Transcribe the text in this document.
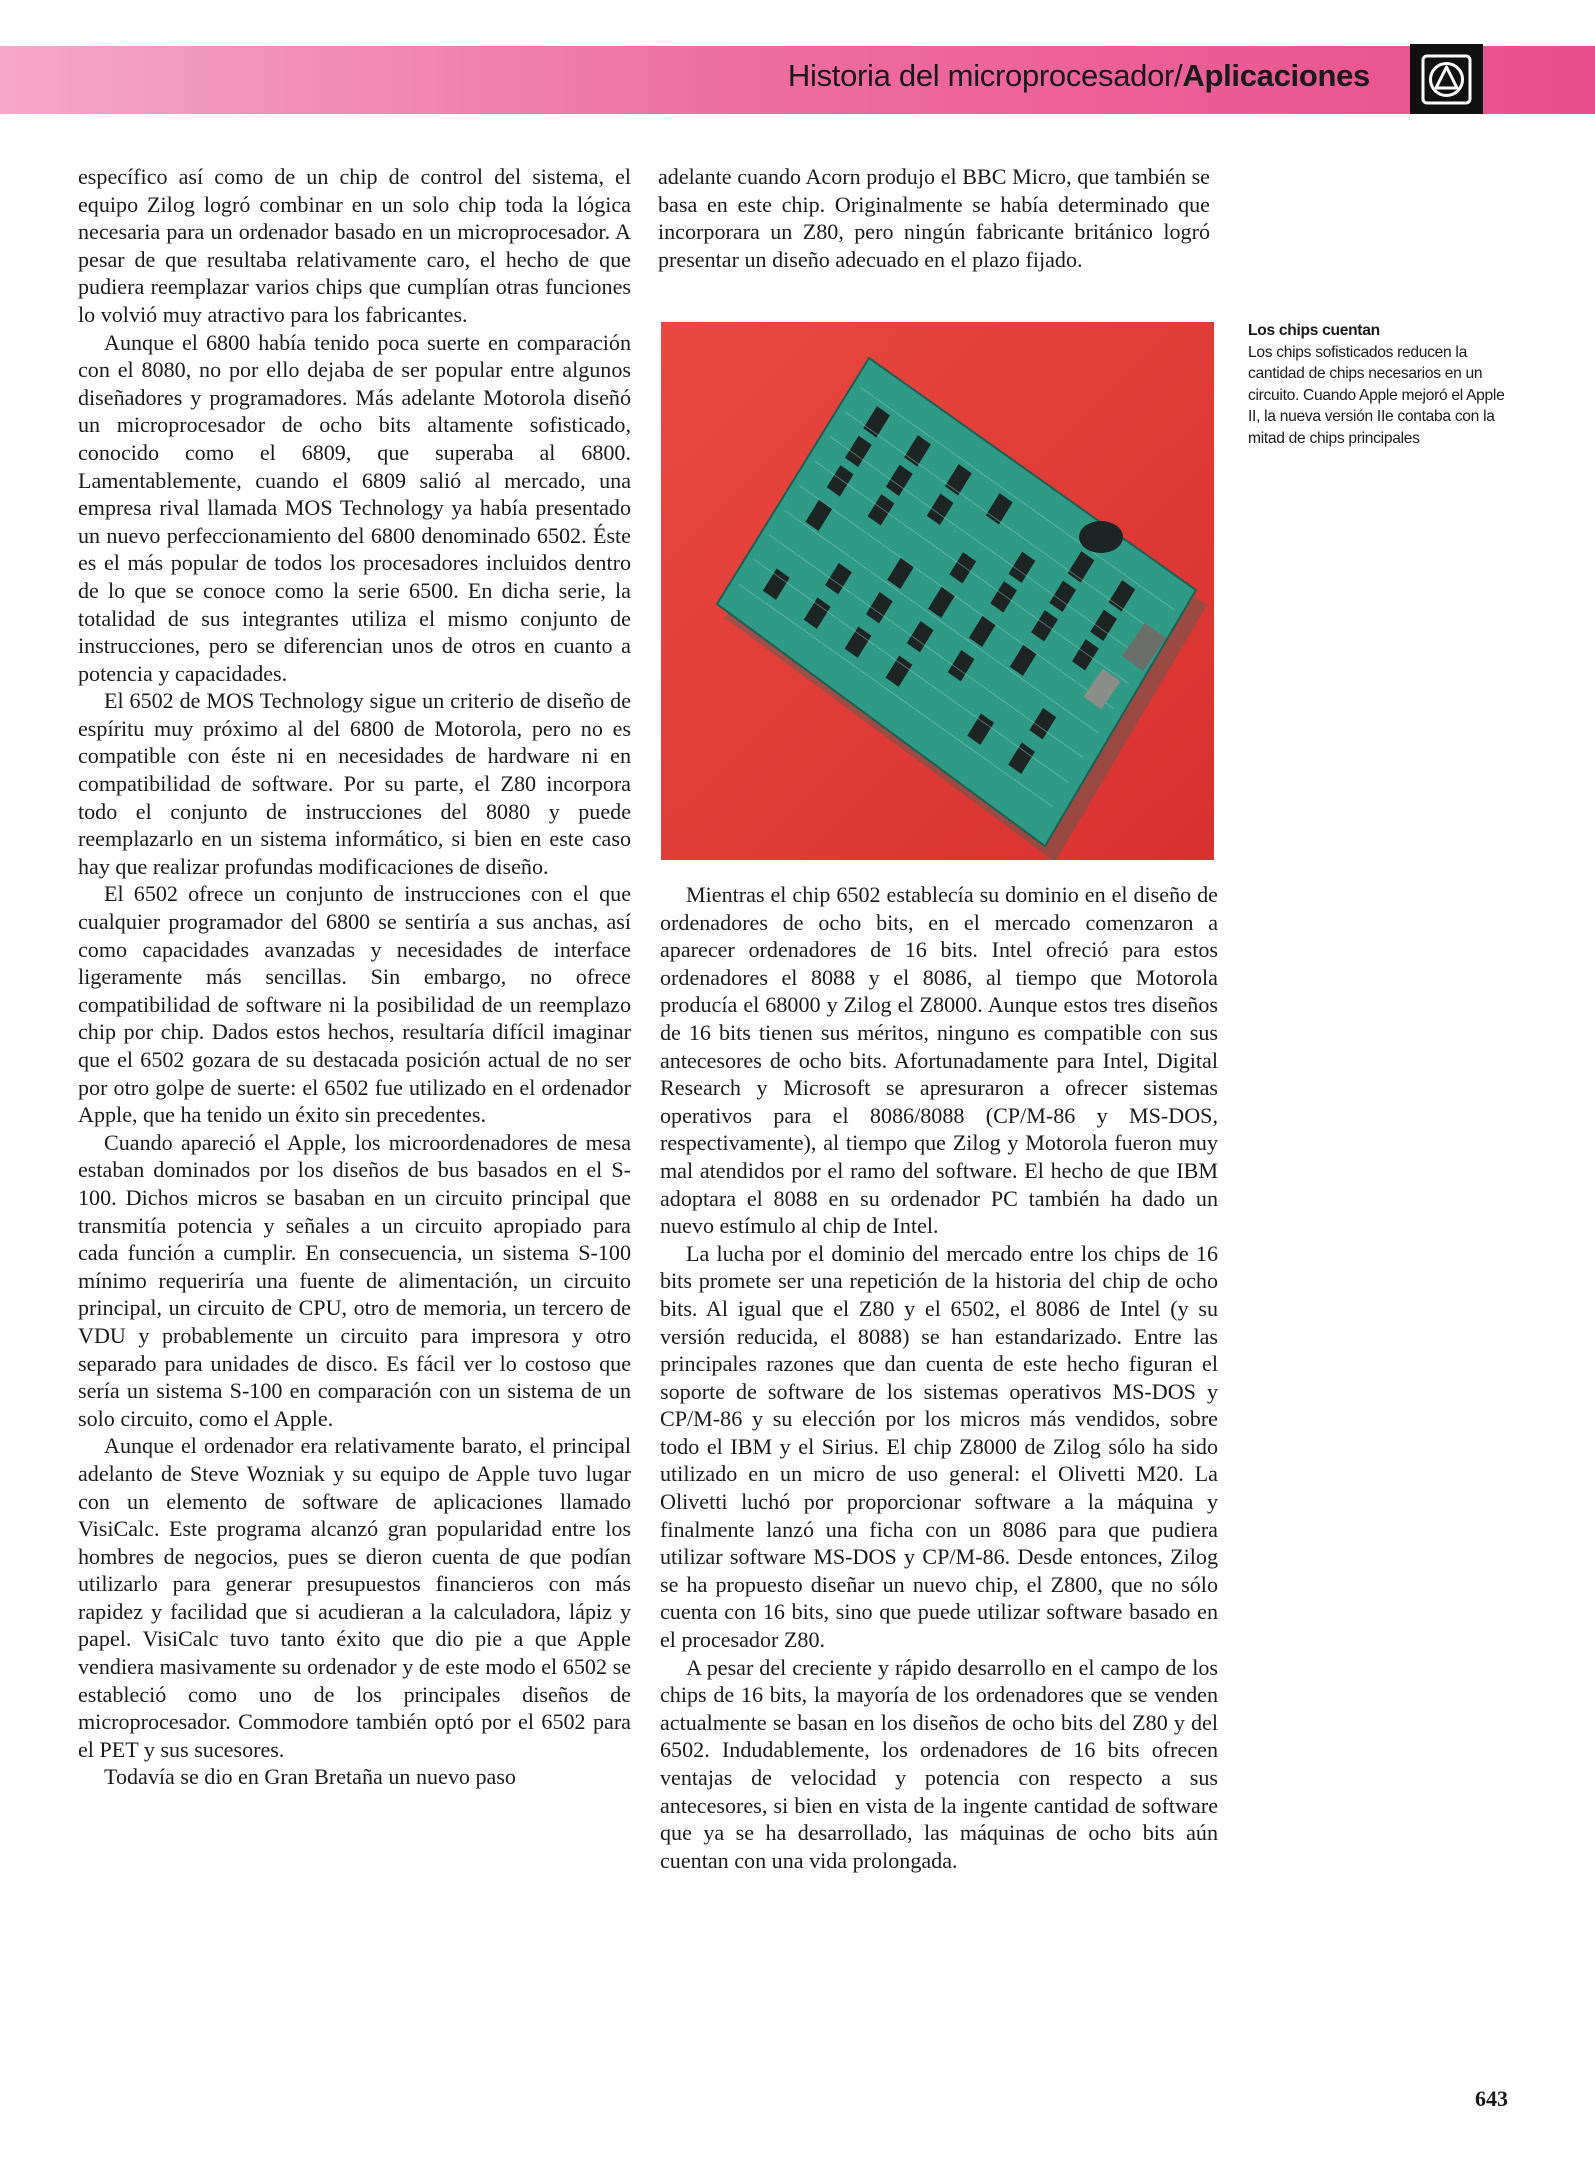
Historia del microprocesador/Aplicaciones

específico así como de un chip de control del sistema, el equipo Zilog logró combinar en un solo chip toda la lógica necesaria para un ordenador basado en un microprocesador. A pesar de que resultaba relativamente caro, el hecho de que pudiera reemplazar varios chips que cumplían otras funciones lo volvió muy atractivo para los fabricantes.

Aunque el 6800 había tenido poca suerte en comparación con el 8080, no por ello dejaba de ser popular entre algunos diseñadores y programadores. Más adelante Motorola diseñó un microprocesador de ocho bits altamente sofisticado, conocido como el 6809, que superaba al 6800. Lamentablemente, cuando el 6809 salió al mercado, una empresa rival llamada MOS Technology ya había presentado un nuevo perfeccionamiento del 6800 denominado 6502. Éste es el más popular de todos los procesadores incluidos dentro de lo que se conoce como la serie 6500. En dicha serie, la totalidad de sus integrantes utiliza el mismo conjunto de instrucciones, pero se diferencian unos de otros en cuanto a potencia y capacidades.

El 6502 de MOS Technology sigue un criterio de diseño de espíritu muy próximo al del 6800 de Motorola, pero no es compatible con éste ni en necesidades de hardware ni en compatibilidad de software. Por su parte, el Z80 incorpora todo el conjunto de instrucciones del 8080 y puede reemplazarlo en un sistema informático, si bien en este caso hay que realizar profundas modificaciones de diseño.

El 6502 ofrece un conjunto de instrucciones con el que cualquier programador del 6800 se sentiría a sus anchas, así como capacidades avanzadas y necesidades de interface ligeramente más sencillas. Sin embargo, no ofrece compatibilidad de software ni la posibilidad de un reemplazo chip por chip. Dados estos hechos, resultaría difícil imaginar que el 6502 gozara de su destacada posición actual de no ser por otro golpe de suerte: el 6502 fue utilizado en el ordenador Apple, que ha tenido un éxito sin precedentes.

Cuando apareció el Apple, los microordenadores de mesa estaban dominados por los diseños de bus basados en el S-100. Dichos micros se basaban en un circuito principal que transmitía potencia y señales a un circuito apropiado para cada función a cumplir. En consecuencia, un sistema S-100 mínimo requeriría una fuente de alimentación, un circuito principal, un circuito de CPU, otro de memoria, un tercero de VDU y probablemente un circuito para impresora y otro separado para unidades de disco. Es fácil ver lo costoso que sería un sistema S-100 en comparación con un sistema de un solo circuito, como el Apple.

Aunque el ordenador era relativamente barato, el principal adelanto de Steve Wozniak y su equipo de Apple tuvo lugar con un elemento de software de aplicaciones llamado VisiCalc. Este programa alcanzó gran popularidad entre los hombres de negocios, pues se dieron cuenta de que podían utilizarlo para generar presupuestos financieros con más rapidez y facilidad que si acudieran a la calculadora, lápiz y papel. VisiCalc tuvo tanto éxito que dio pie a que Apple vendiera masivamente su ordenador y de este modo el 6502 se estableció como uno de los principales diseños de microprocesador. Commodore también optó por el 6502 para el PET y sus sucesores.

Todavía se dio en Gran Bretaña un nuevo paso

adelante cuando Acorn produjo el BBC Micro, que también se basa en este chip. Originalmente se había determinado que incorporara un Z80, pero ningún fabricante británico logró presentar un diseño adecuado en el plazo fijado.

Los chips cuentan
Los chips sofisticados reducen la cantidad de chips necesarios en un circuito. Cuando Apple mejoró el Apple II, la nueva versión IIe contaba con la mitad de chips principales

Mientras el chip 6502 establecía su dominio en el diseño de ordenadores de ocho bits, en el mercado comenzaron a aparecer ordenadores de 16 bits. Intel ofreció para estos ordenadores el 8088 y el 8086, al tiempo que Motorola producía el 68000 y Zilog el Z8000. Aunque estos tres diseños de 16 bits tienen sus méritos, ninguno es compatible con sus antecesores de ocho bits. Afortunadamente para Intel, Digital Research y Microsoft se apresuraron a ofrecer sistemas operativos para el 8086/8088 (CP/M-86 y MS-DOS, respectivamente), al tiempo que Zilog y Motorola fueron muy mal atendidos por el ramo del software. El hecho de que IBM adoptara el 8088 en su ordenador PC también ha dado un nuevo estímulo al chip de Intel.

La lucha por el dominio del mercado entre los chips de 16 bits promete ser una repetición de la historia del chip de ocho bits. Al igual que el Z80 y el 6502, el 8086 de Intel (y su versión reducida, el 8088) se han estandarizado. Entre las principales razones que dan cuenta de este hecho figuran el soporte de software de los sistemas operativos MS-DOS y CP/M-86 y su elección por los micros más vendidos, sobre todo el IBM y el Sirius. El chip Z8000 de Zilog sólo ha sido utilizado en un micro de uso general: el Olivetti M20. La Olivetti luchó por proporcionar software a la máquina y finalmente lanzó una ficha con un 8086 para que pudiera utilizar software MS-DOS y CP/M-86. Desde entonces, Zilog se ha propuesto diseñar un nuevo chip, el Z800, que no sólo cuenta con 16 bits, sino que puede utilizar software basado en el procesador Z80.

A pesar del creciente y rápido desarrollo en el campo de los chips de 16 bits, la mayoría de los ordenadores que se venden actualmente se basan en los diseños de ocho bits del Z80 y del 6502. Indudablemente, los ordenadores de 16 bits ofrecen ventajas de velocidad y potencia con respecto a sus antecesores, si bien en vista de la ingente cantidad de software que ya se ha desarrollado, las máquinas de ocho bits aún cuentan con una vida prolongada.

643
